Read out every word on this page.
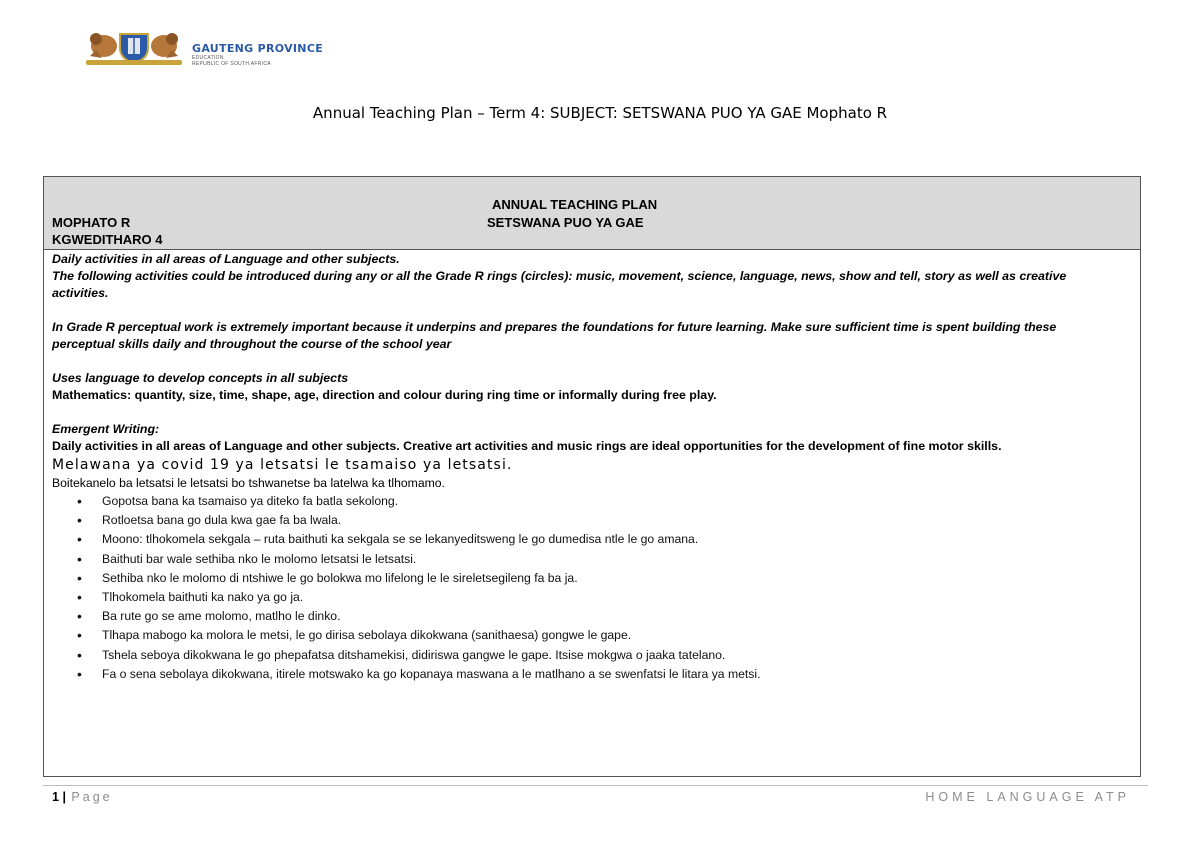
GAUTENG PROVINCE
EDUCATION
REPUBLIC OF SOUTH AFRICA
Annual Teaching Plan – Term 4: SUBJECT: SETSWANA PUO YA GAE Mophato R
ANNUAL TEACHING PLAN
MOPHATO R	SETSWANA PUO YA GAE
KGWEDITHARO 4

Daily activities in all areas of Language and other subjects.

The following activities could be introduced during any or all the Grade R rings (circles): music, movement, science, language, news, show and tell, story as well as creative activities.

In Grade R perceptual work is extremely important because it underpins and prepares the foundations for future learning. Make sure sufficient time is spent building these perceptual skills daily and throughout the course of the school year

Uses language to develop concepts in all subjects

Mathematics: quantity, size, time, shape, age, direction and colour during ring time or informally during free play.

Emergent Writing:

Daily activities in all areas of Language and other subjects. Creative art activities and music rings are ideal opportunities for the development of fine motor skills.

Melawana ya covid 19 ya letsatsi le tsamaiso ya letsatsi.

Boitekanelo ba letsatsi le letsatsi bo tshwanetse ba latelwa ka tlhomamo.

• Gopotsa bana ka tsamaiso ya diteko fa batla sekolong.
• Rotloetsa bana go dula kwa gae fa ba lwala.
• Moono: tlhokomela sekgala – ruta baithuti ka sekgala se se lekanyeditsweng le go dumedisa ntle le go amana.
• Baithuti bar wale sethiba nko le molomo letsatsi le letsatsi.
• Sethiba nko le molomo di ntshiwe le go bolokwa mo lifelong le le sireletsegileng fa ba ja.
• Tlhokomela baithuti ka nako ya go ja.
• Ba rute go se ame molomo, matlho le dinko.
• Tlhapa mabogo ka molora le metsi, le go dirisa sebolaya dikokwana (sanithaesa) gongwe le gape.
• Tshela seboya dikokwana le go phepafatsa ditshamekisi, didiriswa gangwe le gape. Itsise mokgwa o jaaka tatelano.
• Fa o sena sebolaya dikokwana, itirele motswako ka go kopanaya maswana a le matlhano a se swenfatsi le litara ya metsi.
1 | Page	HOME LANGUAGE ATP
